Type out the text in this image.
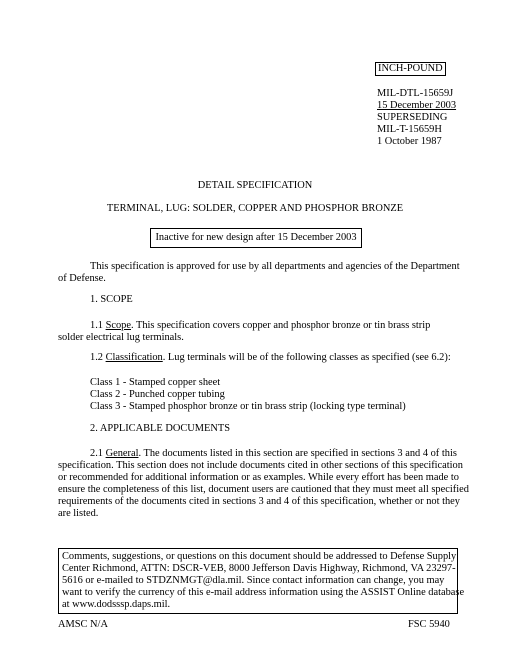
INCH-POUND
MIL-DTL-15659J
15 December 2003
SUPERSEDING
MIL-T-15659H
1 October 1987
DETAIL SPECIFICATION
TERMINAL, LUG: SOLDER, COPPER AND PHOSPHOR BRONZE
Inactive for new design after 15 December 2003
This specification is approved for use by all departments and agencies of the Department
of Defense.
1. SCOPE
1.1 Scope. This specification covers copper and phosphor bronze or tin brass strip
solder electrical lug terminals.
1.2 Classification. Lug terminals will be of the following classes as specified (see 6.2):
Class 1 - Stamped copper sheet
Class 2 - Punched copper tubing
Class 3 - Stamped phosphor bronze or tin brass strip (locking type terminal)
2. APPLICABLE DOCUMENTS
2.1 General. The documents listed in this section are specified in sections 3 and 4 of this
specification. This section does not include documents cited in other sections of this specification
or recommended for additional information or as examples. While every effort has been made to
ensure the completeness of this list, document users are cautioned that they must meet all specified
requirements of the documents cited in sections 3 and 4 of this specification, whether or not they
are listed.
Comments, suggestions, or questions on this document should be addressed to Defense Supply
Center Richmond, ATTN: DSCR-VEB, 8000 Jefferson Davis Highway, Richmond, VA 23297-
5616 or e-mailed to STDZNMGT@dla.mil. Since contact information can change, you may
want to verify the currency of this e-mail address information using the ASSIST Online database
at www.dodsssp.daps.mil.
AMSC N/A	FSC 5940
